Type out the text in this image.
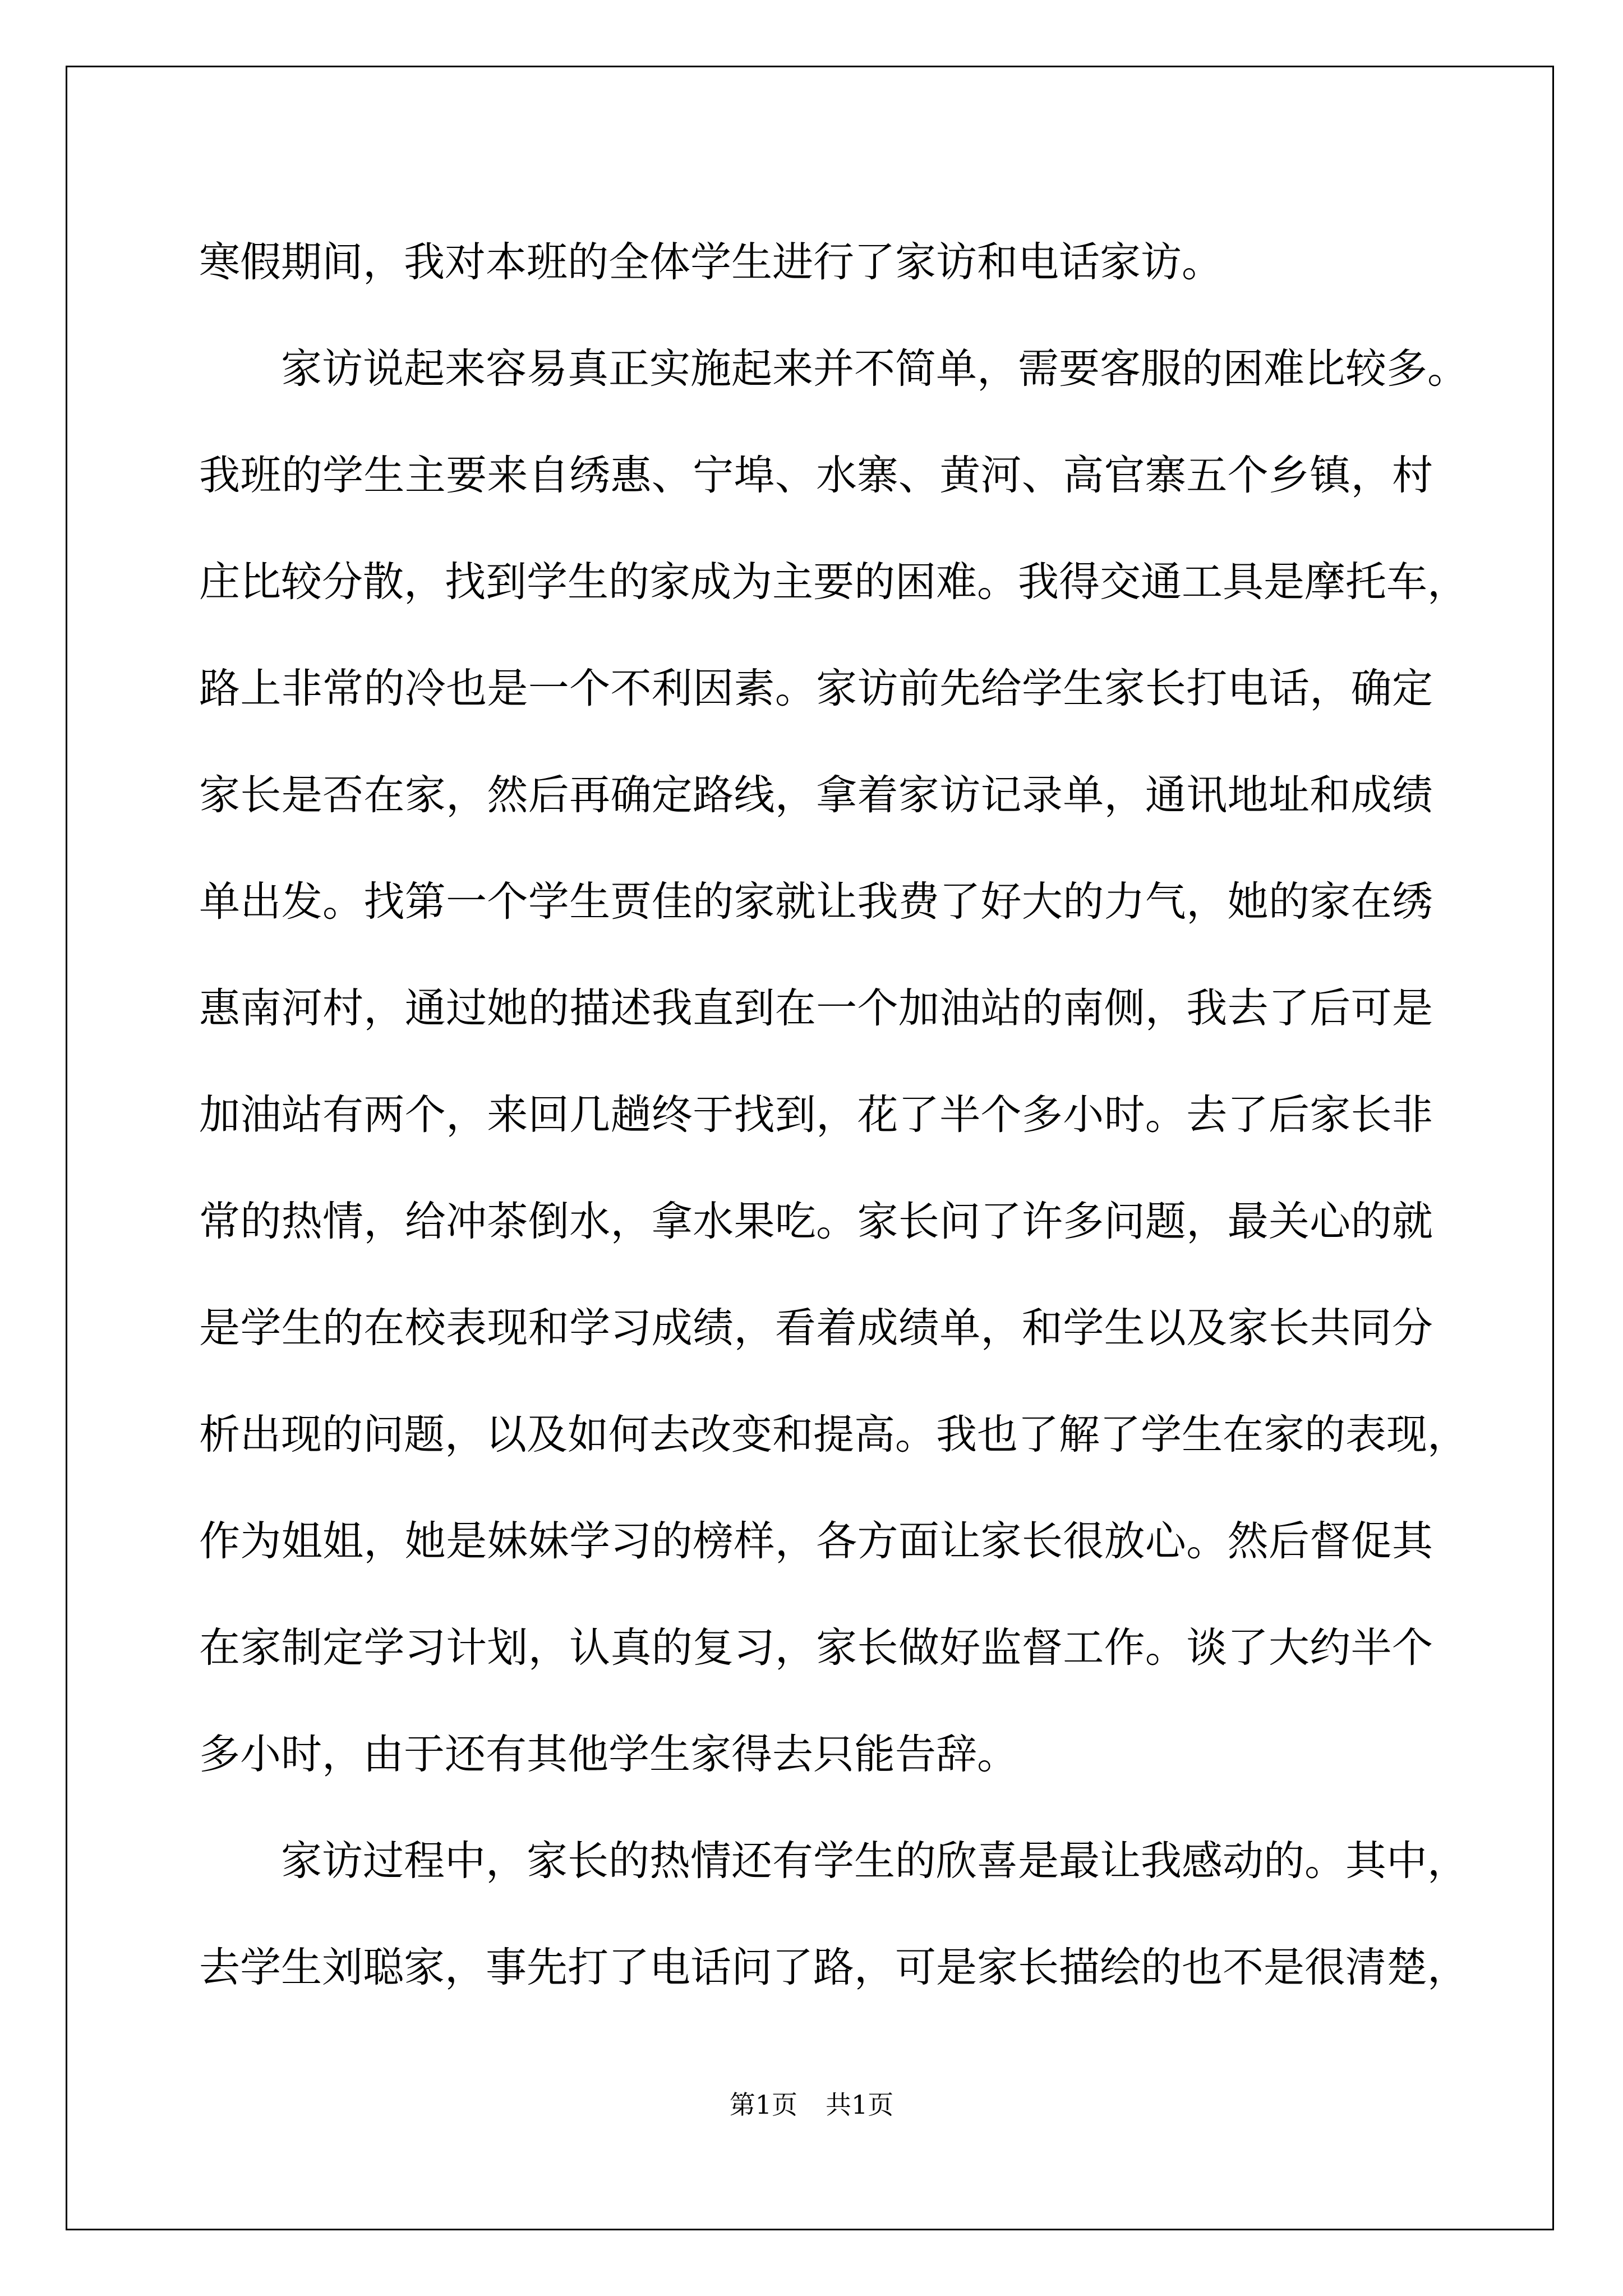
寒假期间，我对本班的全体学生进行了家访和电话家访。

家访说起来容易真正实施起来并不简单，需要客服的困难比较多。
我班的学生主要来自绣惠、宁埠、水寨、黄河、高官寨五个乡镇，村
庄比较分散，找到学生的家成为主要的困难。我得交通工具是摩托车，
路上非常的冷也是一个不利因素。家访前先给学生家长打电话，确定
家长是否在家，然后再确定路线，拿着家访记录单，通讯地址和成绩
单出发。找第一个学生贾佳的家就让我费了好大的力气，她的家在绣
惠南河村，通过她的描述我直到在一个加油站的南侧，我去了后可是
加油站有两个，来回几趟终于找到，花了半个多小时。去了后家长非
常的热情，给冲茶倒水，拿水果吃。家长问了许多问题，最关心的就
是学生的在校表现和学习成绩，看着成绩单，和学生以及家长共同分
析出现的问题，以及如何去改变和提高。我也了解了学生在家的表现，
作为姐姐，她是妹妹学习的榜样，各方面让家长很放心。然后督促其
在家制定学习计划，认真的复习，家长做好监督工作。谈了大约半个
多小时，由于还有其他学生家得去只能告辞。

家访过程中，家长的热情还有学生的欣喜是最让我感动的。其中，
去学生刘聪家，事先打了电话问了路，可是家长描绘的也不是很清楚，

第1页 共1页
